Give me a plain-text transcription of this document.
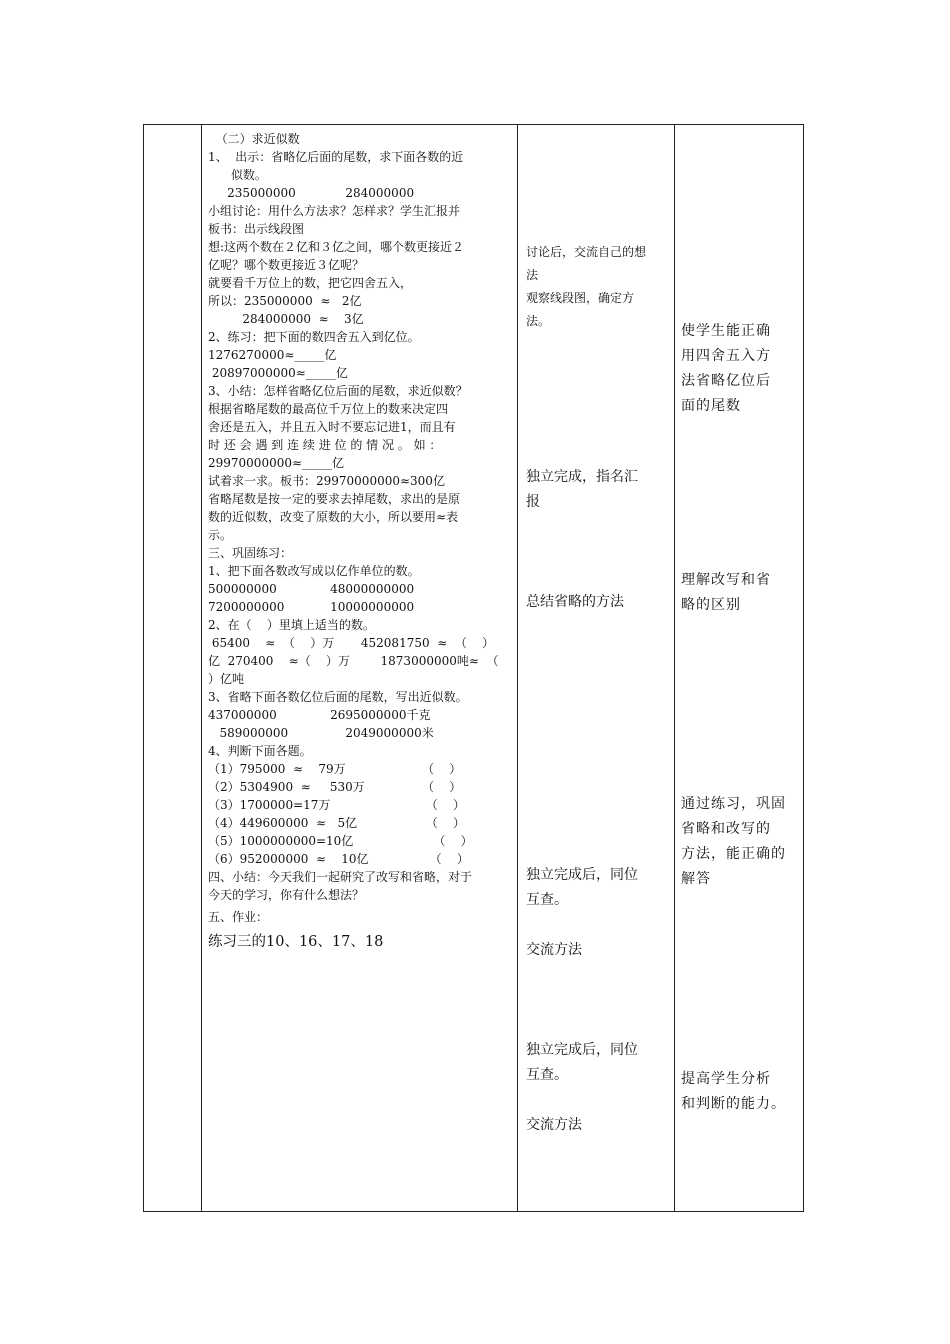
（二）求近似数
1、  出示：省略亿后面的尾数，求下面各数的近
似数。
235000000             284000000
小组讨论：用什么方法求？怎样求？学生汇报并
板书：出示线段图
想:这两个数在２亿和３亿之间，哪个数更接近２
亿呢？哪个数更接近３亿呢？
就要看千万位上的数，把它四舍五入，
所以：235000000  ≈   2亿
284000000  ≈    3亿
2、练习：把下面的数四舍五入到亿位。
1276270000≈_____亿
20897000000≈_____亿
3、小结：怎样省略亿位后面的尾数，求近似数？
根据省略尾数的最高位千万位上的数来决定四
舍还是五入，并且五入时不要忘记进1，而且有
时 还 会 遇 到 连 续 进 位 的 情 况 。 如 ：
29970000000≈_____亿
试着求一求。板书：29970000000≈300亿
省略尾数是按一定的要求去掉尾数，求出的是原
数的近似数，改变了原数的大小，所以要用≈表
示。
三、巩固练习：
1、把下面各数改写成以亿作单位的数。
500000000              48000000000
7200000000            10000000000
2、在（    ）里填上适当的数。
65400    ≈  （    ）万       452081750  ≈  （    ）
亿  270400    ≈（    ）万        1873000000吨≈  （
）亿吨
3、省略下面各数亿位后面的尾数，写出近似数。
437000000              2695000000千克
589000000               2049000000米
4、判断下面各题。
（1）795000  ≈    79万                    （    ）
（2）5304900  ≈     530万               （    ）
（3）1700000=17万                         （    ）
（4）449600000  ≈   5亿                  （    ）
（5）1000000000=10亿                     （    ）
（6）952000000  ≈    10亿                （    ）
四、小结：今天我们一起研究了改写和省略，对于
今天的学习，你有什么想法？
五、作业：
练习三的10、16、17、18
讨论后，交流自己的想
法
观察线段图，确定方
法。
独立完成，指名汇
报
总结省略的方法
独立完成后，同位
互查。

交流方法
独立完成后，同位
互查。

交流方法
使学生能正确
用四舍五入方
法省略亿位后
面的尾数
理解改写和省
略的区别
通过练习，巩固
省略和改写的
方法，能正确的
解答
提高学生分析
和判断的能力。
